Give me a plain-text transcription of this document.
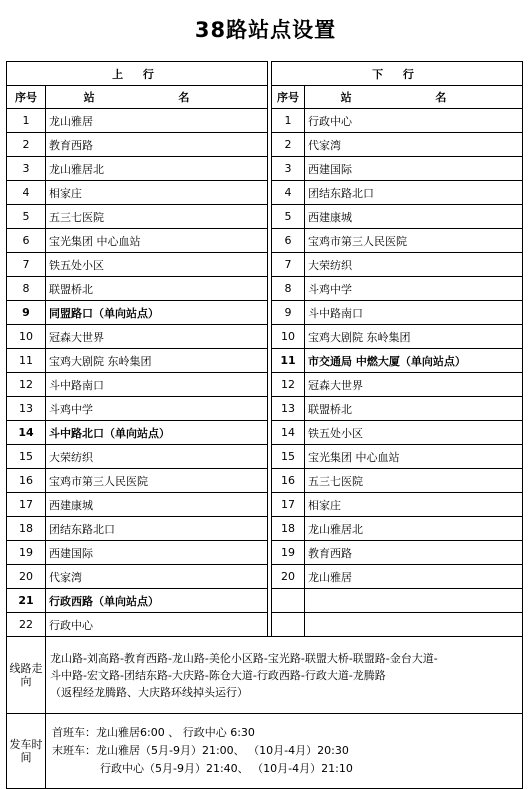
38路站点设置
上 行			下 行	
序号	站 名		序号	站 名
1	龙山雅居		1	行政中心
2	教育西路		2	代家湾
3	龙山雅居北		3	西建国际
4	相家庄		4	团结东路北口
5	五三七医院		5	西建康城
6	宝光集团 中心血站		6	宝鸡市第三人民医院
7	铁五处小区		7	大荣纺织
8	联盟桥北		8	斗鸡中学
9	同盟路口（单向站点）		9	斗中路南口
10	冠森大世界		10	宝鸡大剧院 东岭集团
11	宝鸡大剧院 东岭集团		11	市交通局 中燃大厦（单向站点）
12	斗中路南口		12	冠森大世界
13	斗鸡中学		13	联盟桥北
14	斗中路北口（单向站点）		14	铁五处小区
15	大荣纺织		15	宝光集团 中心血站
16	宝鸡市第三人民医院		16	五三七医院
17	西建康城		17	相家庄
18	团结东路北口		18	龙山雅居北
19	西建国际		19	教育西路
20	代家湾		20	龙山雅居
21	行政西路（单向站点）			
22	行政中心			
线路走向	龙山路-刘高路-教育西路-龙山路-美伦小区路-宝光路-联盟大桥-联盟路-金台大道-
斗中路-宏文路-团结东路-大庆路-陈仓大道-行政西路-行政大道-龙腾路
（返程经龙腾路、大庆路环线掉头运行）			

发车时间	首班车：龙山雅居6:00 、 行政中心 6:30
末班车：龙山雅居（5月-9月）21:00、 （10月-4月）20:30
行政中心（5月-9月）21:40、 （10月-4月）21:10			
